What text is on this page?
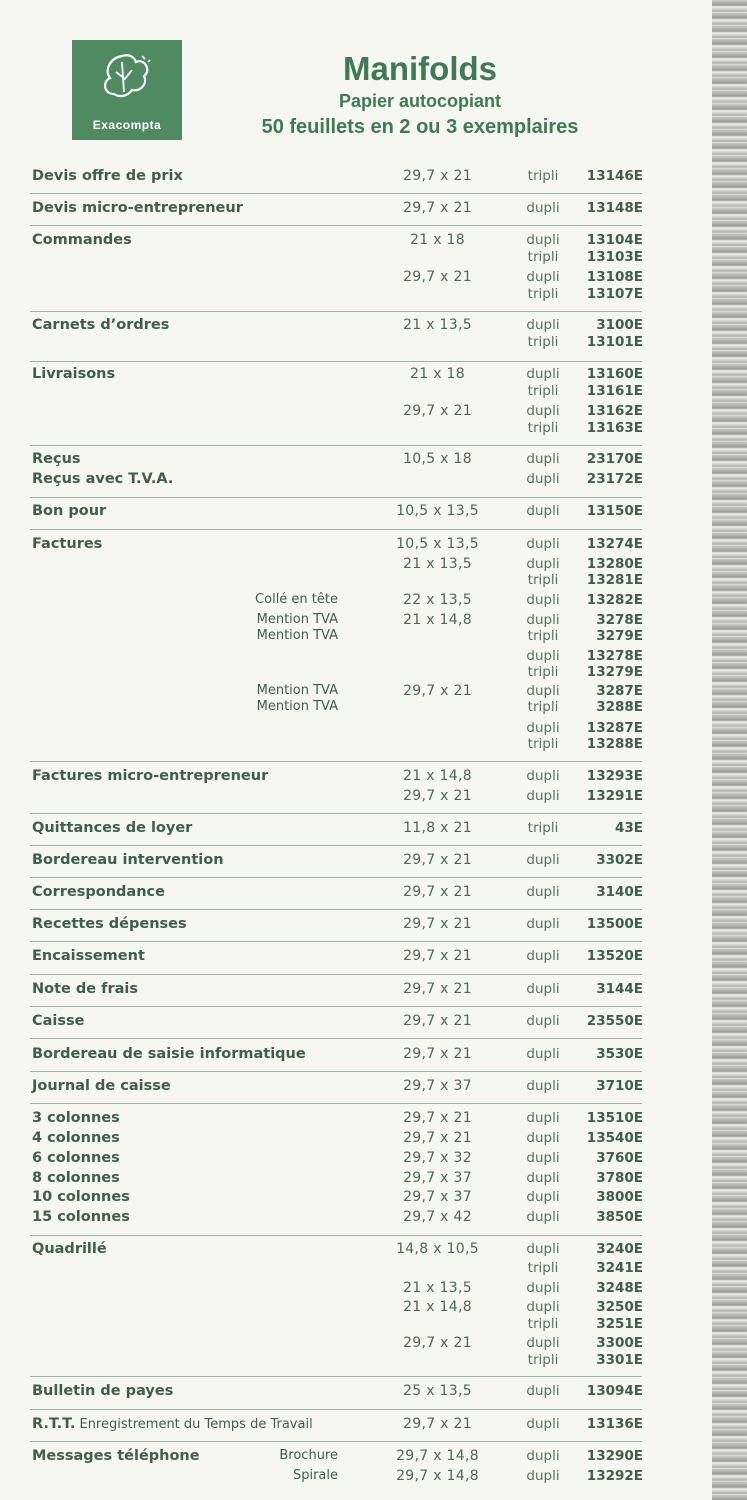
Exacompta
Manifolds
Papier autocopiant
50 feuillets en 2 ou 3 exemplaires
Devis offre de prix	29,7 x 21	tripli	13146E
Devis micro-entrepreneur	29,7 x 21	dupli	13148E
Commandes	21 x 18	dupli	13104E
tripli	13103E
29,7 x 21	dupli	13108E
tripli	13107E
Carnets d’ordres	21 x 13,5	dupli	3100E
tripli	13101E
Livraisons	21 x 18	dupli	13160E
tripli	13161E
29,7 x 21	dupli	13162E
tripli	13163E
Reçus	10,5 x 18	dupli	23170E
Reçus avec T.V.A.	dupli	23172E
Bon pour	10,5 x 13,5	dupli	13150E
Factures	10,5 x 13,5	dupli	13274E
21 x 13,5	dupli	13280E
tripli	13281E
Collé en tête	22 x 13,5	dupli	13282E
Mention TVA	21 x 14,8	dupli	3278E
Mention TVA	tripli	3279E
dupli	13278E
tripli	13279E
Mention TVA	29,7 x 21	dupli	3287E
Mention TVA	tripli	3288E
dupli	13287E
tripli	13288E
Factures micro-entrepreneur	21 x 14,8	dupli	13293E
29,7 x 21	dupli	13291E
Quittances de loyer	11,8 x 21	tripli	43E
Bordereau intervention	29,7 x 21	dupli	3302E
Correspondance	29,7 x 21	dupli	3140E
Recettes dépenses	29,7 x 21	dupli	13500E
Encaissement	29,7 x 21	dupli	13520E
Note de frais	29,7 x 21	dupli	3144E
Caisse	29,7 x 21	dupli	23550E
Bordereau de saisie informatique	29,7 x 21	dupli	3530E
Journal de caisse	29,7 x 37	dupli	3710E
3 colonnes	29,7 x 21	dupli	13510E
4 colonnes	29,7 x 21	dupli	13540E
6 colonnes	29,7 x 32	dupli	3760E
8 colonnes	29,7 x 37	dupli	3780E
10 colonnes	29,7 x 37	dupli	3800E
15 colonnes	29,7 x 42	dupli	3850E
Quadrillé	14,8 x 10,5	dupli	3240E
tripli	3241E
21 x 13,5	dupli	3248E
21 x 14,8	dupli	3250E
tripli	3251E
29,7 x 21	dupli	3300E
tripli	3301E
Bulletin de payes	25 x 13,5	dupli	13094E
R.T.T. Enregistrement du Temps de Travail	29,7 x 21	dupli	13136E
Messages téléphone	Brochure	29,7 x 14,8	dupli	13290E
Spirale	29,7 x 14,8	dupli	13292E
